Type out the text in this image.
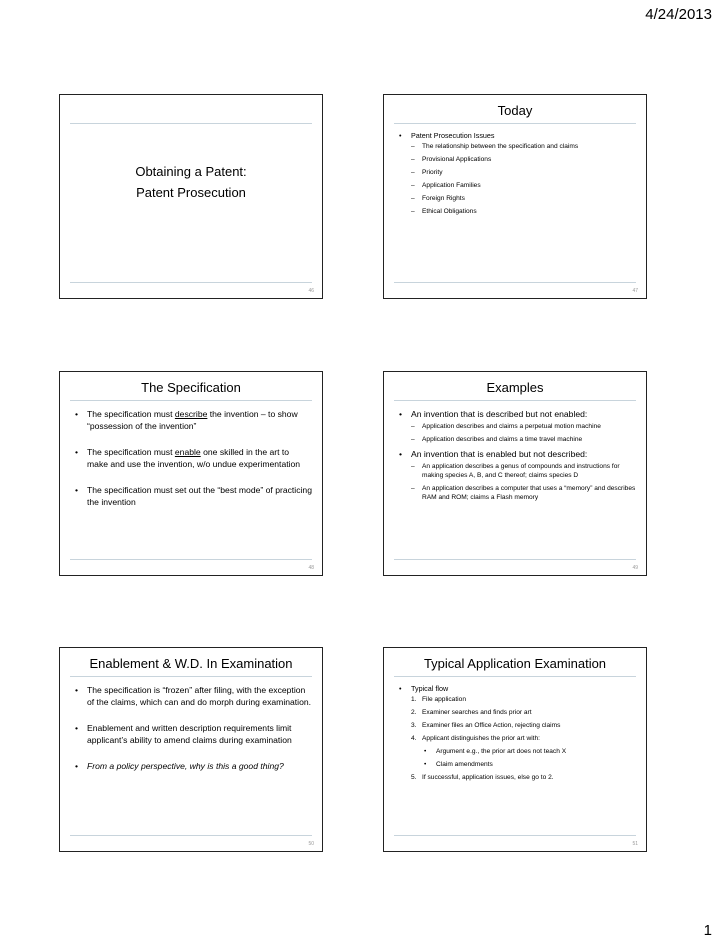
4/24/2013
Obtaining a Patent:
Patent Prosecution
46
Today
• Patent Prosecution Issues
– The relationship between the specification and claims
– Provisional Applications
– Priority
– Application Families
– Foreign Rights
– Ethical Obligations
47
The Specification
• The specification must describe the invention – to show “possession of the invention”
• The specification must enable one skilled in the art to make and use the invention, w/o undue experimentation
• The specification must set out the “best mode” of practicing the invention
48
Examples
• An invention that is described but not enabled:
– Application describes and claims a perpetual motion machine
– Application describes and claims a time travel machine
• An invention that is enabled but not described:
– An application describes a genus of compounds and instructions for making species A, B, and C thereof; claims species D
– An application describes a computer that uses a “memory” and describes RAM and ROM; claims a Flash memory
49
Enablement & W.D. In Examination
• The specification is “frozen” after filing, with the exception of the claims, which can and do morph during examination.
• Enablement and written description requirements limit applicant’s ability to amend claims during examination
• From a policy perspective, why is this a good thing?
50
Typical Application Examination
• Typical flow
1. File application
2. Examiner searches and finds prior art
3. Examiner files an Office Action, rejecting claims
4. Applicant distinguishes the prior art with:
• Argument e.g., the prior art does not teach X
• Claim amendments
5. If successful, application issues, else go to 2.
51
1
